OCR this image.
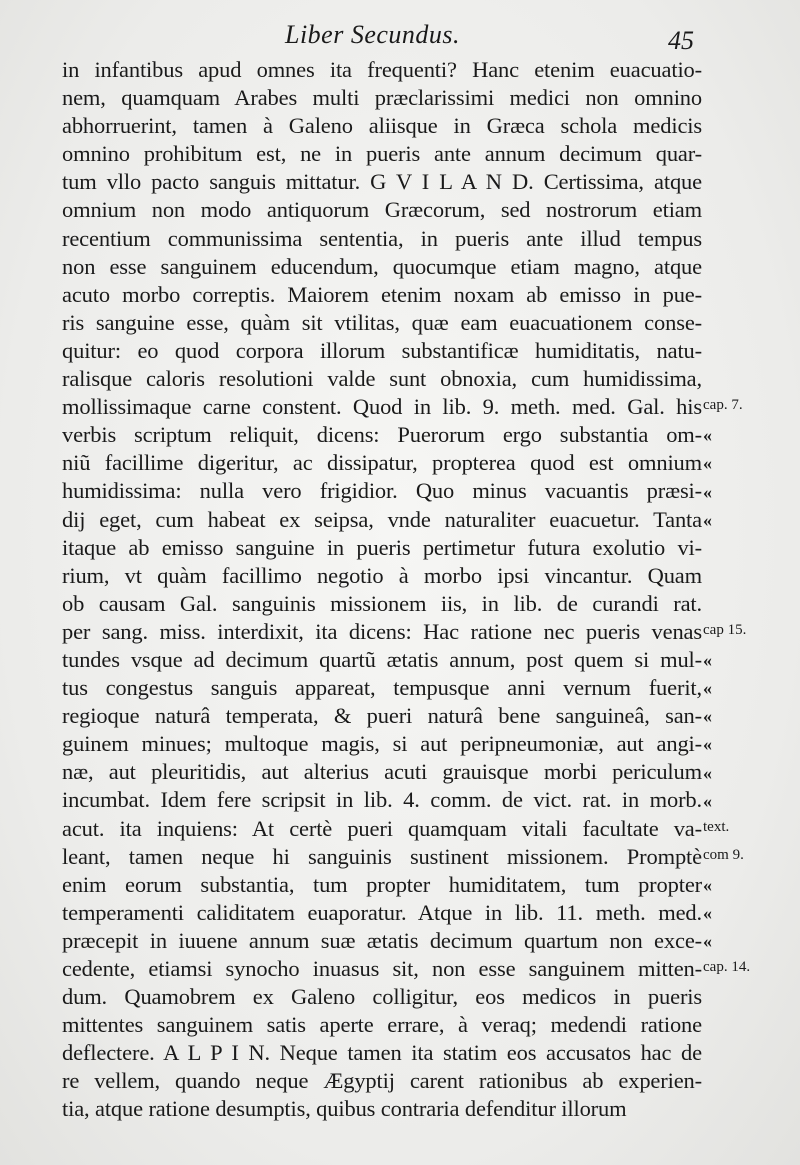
Liber Secundus.	45
in infantibus apud omnes ita frequenti? Hanc etenim euacuatio-
nem, quamquam Arabes multi præclarissimi medici non omnino
abhorruerint, tamen à Galeno aliisque in Græca schola medicis
omnino prohibitum est, ne in pueris ante annum decimum quar-
tum vllo pacto sanguis mittatur. G V I L A N D. Certissima, atque
omnium non modo antiquorum Græcorum, sed nostrorum etiam
recentium communissima sententia, in pueris ante illud tempus
non esse sanguinem educendum, quocumque etiam magno, atque
acuto morbo correptis. Maiorem etenim noxam ab emisso in pue-
ris sanguine esse, quàm sit vtilitas, quæ eam euacuationem conse-
quitur: eo quod corpora illorum substantificæ humiditatis, natu-
ralisque caloris resolutioni valde sunt obnoxia, cum humidissima,
mollissimaque carne constent. Quod in lib. 9. meth. med. Gal. his
verbis scriptum reliquit, dicens: Puerorum ergo substantia om-
niũ facillime digeritur, ac dissipatur, propterea quod est omnium
humidissima: nulla vero frigidior. Quo minus vacuantis præsi-
dij eget, cum habeat ex seipsa, vnde naturaliter euacuetur. Tanta
itaque ab emisso sanguine in pueris pertimetur futura exolutio vi-
rium, vt quàm facillimo negotio à morbo ipsi vincantur. Quam
ob causam Gal. sanguinis missionem iis, in lib. de curandi rat.
per sang. miss. interdixit, ita dicens: Hac ratione nec pueris venas
tundes vsque ad decimum quartũ ætatis annum, post quem si mul-
tus congestus sanguis appareat, tempusque anni vernum fuerit,
regioque naturâ temperata, & pueri naturâ bene sanguineâ, san-
guinem minues; multoque magis, si aut peripneumoniæ, aut angi-
næ, aut pleuritidis, aut alterius acuti grauisque morbi periculum
incumbat. Idem fere scripsit in lib. 4. comm. de vict. rat. in morb.
acut. ita inquiens: At certè pueri quamquam vitali facultate va-
leant, tamen neque hi sanguinis sustinent missionem. Promptè
enim eorum substantia, tum propter humiditatem, tum propter
temperamenti caliditatem euaporatur. Atque in lib. 11. meth. med.
præcepit in iuuene annum suæ ætatis decimum quartum non exce-
cedente, etiamsi synocho inuasus sit, non esse sanguinem mitten-
dum. Quamobrem ex Galeno colligitur, eos medicos in pueris
mittentes sanguinem satis aperte errare, à veraq; medendi ratione
deflectere. A L P I N. Neque tamen ita statim eos accusatos hac de
re vellem, quando neque Ægyptij carent rationibus ab experien-
tia, atque ratione desumptis, quibus contraria defenditur illorum
cap. 7.
«
«
«
«
cap 15.
«
«
«
«
«
«
text.
com 9.
«
«
«
cap. 14.
